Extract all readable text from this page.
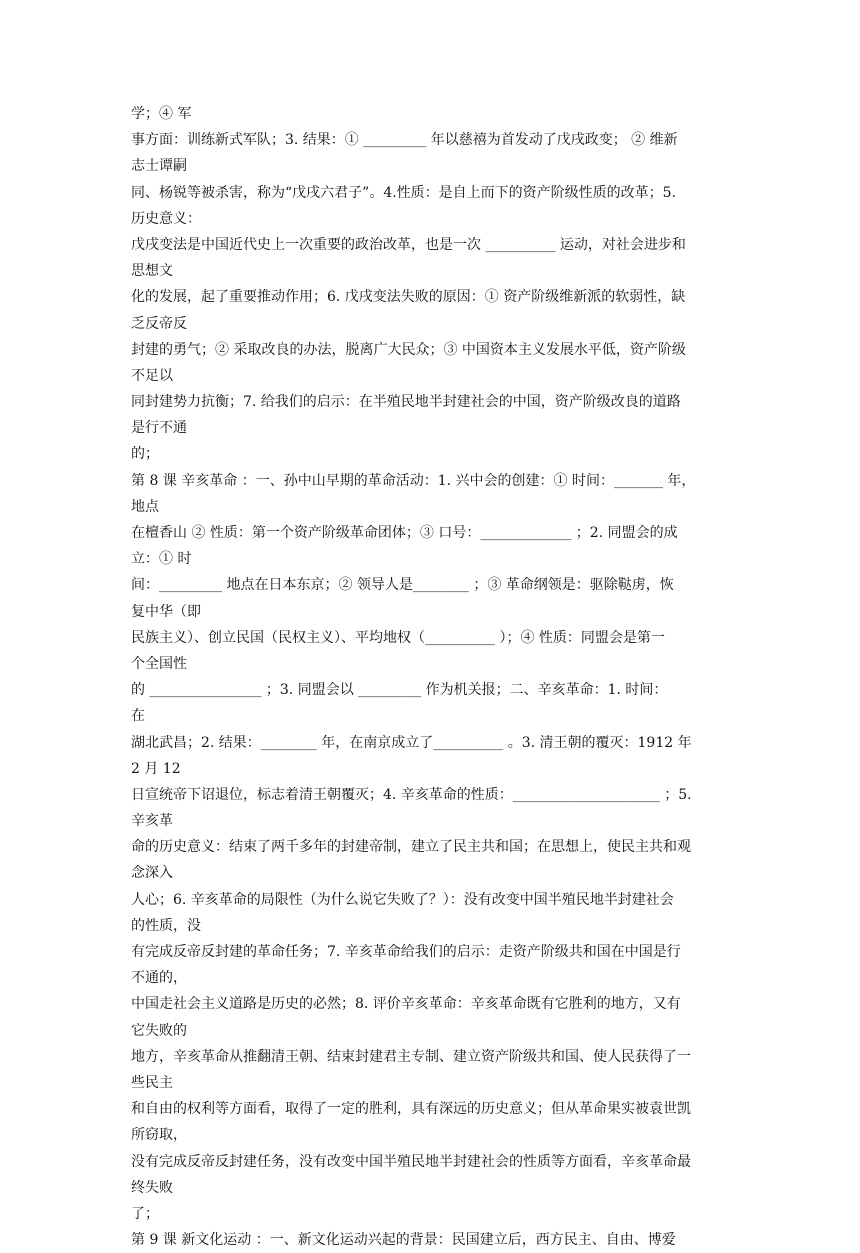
学；④ 军
事方面：训练新式军队；3. 结果：① _________ 年以慈禧为首发动了戊戌政变； ② 维新
志士谭嗣
同、杨锐等被杀害，称为“戊戌六君子”。4.性质：是自上而下的资产阶级性质的改革；5.
历史意义：
戊戌变法是中国近代史上一次重要的政治改革，也是一次 __________ 运动，对社会进步和
思想文
化的发展，起了重要推动作用；6. 戊戌变法失败的原因：① 资产阶级维新派的软弱性，缺
乏反帝反
封建的勇气；② 采取改良的办法，脱离广大民众；③ 中国资本主义发展水平低，资产阶级
不足以
同封建势力抗衡；7. 给我们的启示：在半殖民地半封建社会的中国，资产阶级改良的道路
是行不通
的；
第 8 课 辛亥革命 ：一、孙中山早期的革命活动：1. 兴中会的创建：① 时间：_______ 年，
地点
在檀香山 ② 性质：第一个资产阶级革命团体；③ 口号：_____________ ；2. 同盟会的成
立：① 时
间：_________ 地点在日本东京；② 领导人是________ ；③ 革命纲领是：驱除鞑虏，恢
复中华（即
民族主义）、创立民国（民权主义）、平均地权（__________ ）；④ 性质：同盟会是第一
个全国性
的 ________________ ；3. 同盟会以 _________ 作为机关报；二、辛亥革命：1. 时间：
在
湖北武昌；2. 结果：________ 年，在南京成立了__________ 。3. 清王朝的覆灭：1912 年
2 月 12
日宣统帝下诏退位，标志着清王朝覆灭；4. 辛亥革命的性质：_____________________ ；5.
辛亥革
命的历史意义：结束了两千多年的封建帝制，建立了民主共和国；在思想上，使民主共和观
念深入
人心；6. 辛亥革命的局限性（为什么说它失败了？）：没有改变中国半殖民地半封建社会
的性质，没
有完成反帝反封建的革命任务；7. 辛亥革命给我们的启示：走资产阶级共和国在中国是行
不通的，
中国走社会主义道路是历史的必然；8. 评价辛亥革命：辛亥革命既有它胜利的地方，又有
它失败的
地方，辛亥革命从推翻清王朝、结束封建君主专制、建立资产阶级共和国、使人民获得了一
些民主
和自由的权利等方面看，取得了一定的胜利，具有深远的历史意义；但从革命果实被袁世凯
所窃取，
没有完成反帝反封建任务，没有改变中国半殖民地半封建社会的性质等方面看，辛亥革命最
终失败
了；
第 9 课 新文化运动 ：一、新文化运动兴起的背景：民国建立后，西方民主、自由、博爱
